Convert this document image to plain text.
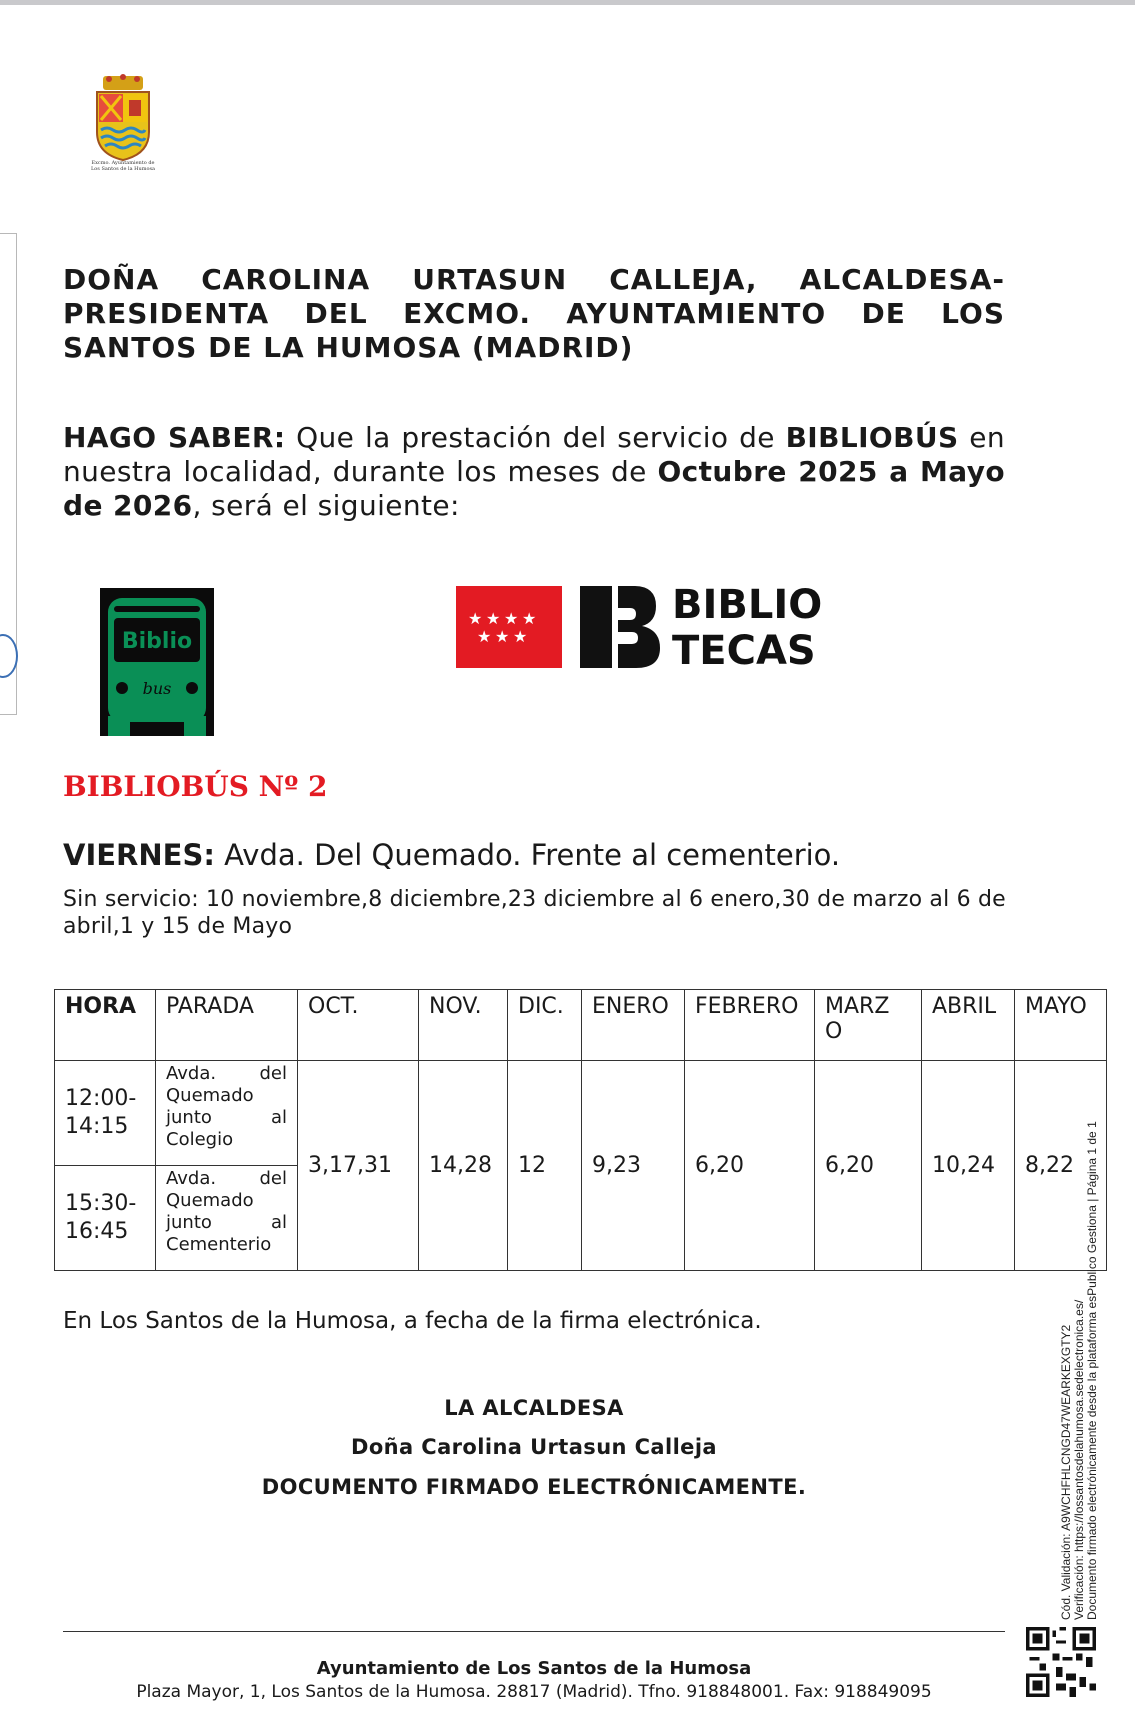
Excmo. Ayuntamiento de
Los Santos de la Humosa
DOÑA CAROLINA URTASUN CALLEJA, ALCALDESA-PRESIDENTA DEL EXCMO. AYUNTAMIENTO DE LOS SANTOS DE LA HUMOSA (MADRID)
HAGO SABER: Que la prestación del servicio de BIBLIOBÚS en nuestra localidad, durante los meses de Octubre 2025 a Mayo de 2026, será el siguiente:
Biblio
bus
★ ★ ★ ★
★ ★ ★
BIBLIO
TECAS
BIBLIOBÚS Nº 2
VIERNES: Avda. Del Quemado. Frente al cementerio.
Sin servicio: 10 noviembre,8 diciembre,23 diciembre al 6 enero,30 de marzo al 6 de abril,1 y 15 de Mayo
HORA	PARADA	OCT.	NOV.	DIC.	ENERO	FEBRERO	MARZ O	ABRIL	MAYO
12:00-14:15	Avda. del Quemado junto al Colegio	3,17,31	14,28	12	9,23	6,20	6,20	10,24	8,22
15:30-16:45	Avda. del Quemado junto al Cementerio								
En Los Santos de la Humosa, a fecha de la firma electrónica.
LA ALCALDESA
Doña Carolina Urtasun Calleja
DOCUMENTO FIRMADO ELECTRÓNICAMENTE.	Cód. Validación: A9WCHFHLCNGD47WEARKEXGTY2 Verificación: https://lossantosdelahumosa.sedelectronica.es/ Documento firmado electrónicamente desde la plataforma esPublico Gestiona | Página 1 de 1
Ayuntamiento de Los Santos de la Humosa
Plaza Mayor, 1, Los Santos de la Humosa. 28817 (Madrid). Tfno. 918848001. Fax: 918849095
